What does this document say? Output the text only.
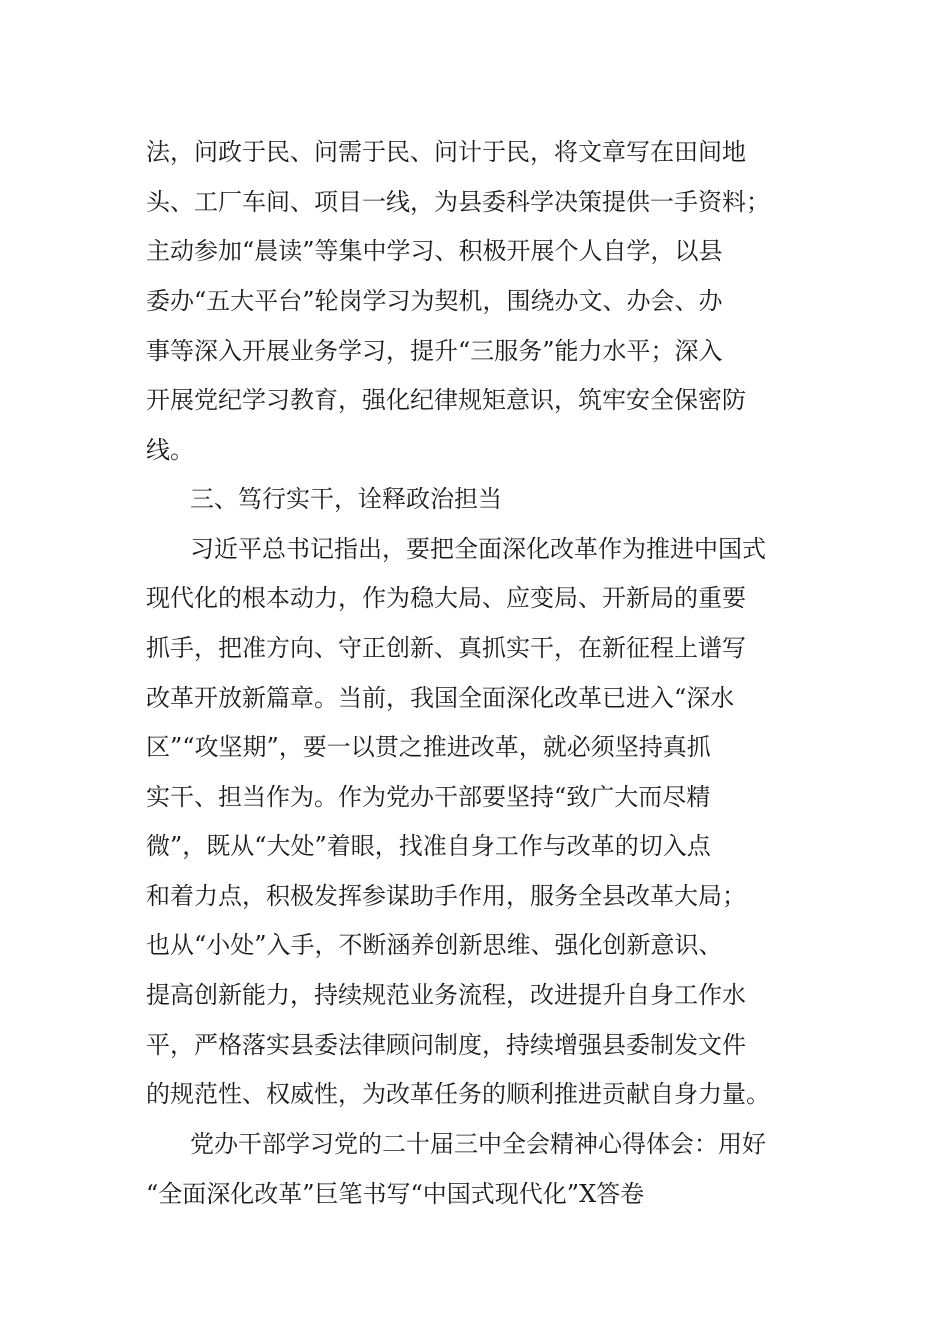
法，问政于民、问需于民、问计于民，将文章写在田间地

头、工厂车间、项目一线，为县委科学决策提供一手资料；

主动参加“晨读”等集中学习、积极开展个人自学，以县

委办“五大平台”轮岗学习为契机，围绕办文、办会、办

事等深入开展业务学习，提升“三服务”能力水平；深入

开展党纪学习教育，强化纪律规矩意识，筑牢安全保密防

线。

三、笃行实干，诠释政治担当

习近平总书记指出，要把全面深化改革作为推进中国式

现代化的根本动力，作为稳大局、应变局、开新局的重要

抓手，把准方向、守正创新、真抓实干，在新征程上谱写

改革开放新篇章。当前，我国全面深化改革已进入“深水

区”“攻坚期”，要一以贯之推进改革，就必须坚持真抓

实干、担当作为。作为党办干部要坚持“致广大而尽精

微”，既从“大处”着眼，找准自身工作与改革的切入点

和着力点，积极发挥参谋助手作用，服务全县改革大局；

也从“小处”入手，不断涵养创新思维、强化创新意识、

提高创新能力，持续规范业务流程，改进提升自身工作水

平，严格落实县委法律顾问制度，持续增强县委制发文件

的规范性、权威性，为改革任务的顺利推进贡献自身力量。

党办干部学习党的二十届三中全会精神心得体会：用好

“全面深化改革”巨笔书写“中国式现代化”X答卷
